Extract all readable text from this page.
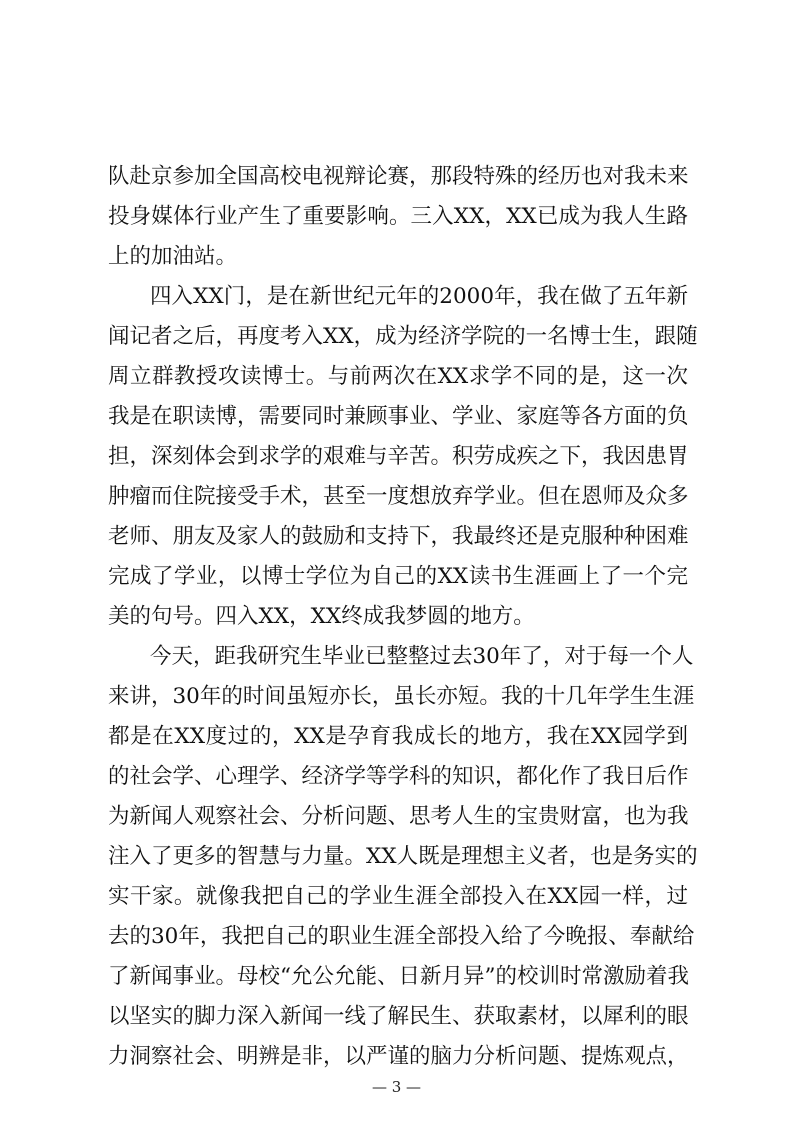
队赴京参加全国高校电视辩论赛，那段特殊的经历也对我未来
投身媒体行业产生了重要影响。三入XX，XX已成为我人生路
上的加油站。
四入XX门，是在新世纪元年的2000年，我在做了五年新
闻记者之后，再度考入XX，成为经济学院的一名博士生，跟随
周立群教授攻读博士。与前两次在XX求学不同的是，这一次
我是在职读博，需要同时兼顾事业、学业、家庭等各方面的负
担，深刻体会到求学的艰难与辛苦。积劳成疾之下，我因患胃
肿瘤而住院接受手术，甚至一度想放弃学业。但在恩师及众多
老师、朋友及家人的鼓励和支持下，我最终还是克服种种困难
完成了学业，以博士学位为自己的XX读书生涯画上了一个完
美的句号。四入XX，XX终成我梦圆的地方。
今天，距我研究生毕业已整整过去30年了，对于每一个人
来讲，30年的时间虽短亦长，虽长亦短。我的十几年学生生涯
都是在XX度过的，XX是孕育我成长的地方，我在XX园学到
的社会学、心理学、经济学等学科的知识，都化作了我日后作
为新闻人观察社会、分析问题、思考人生的宝贵财富，也为我
注入了更多的智慧与力量。XX人既是理想主义者，也是务实的
实干家。就像我把自己的学业生涯全部投入在XX园一样，过
去的30年，我把自己的职业生涯全部投入给了今晚报、奉献给
了新闻事业。母校“允公允能、日新月异”的校训时常激励着我
以坚实的脚力深入新闻一线了解民生、获取素材，以犀利的眼
力洞察社会、明辨是非，以严谨的脑力分析问题、提炼观点，
— 3 —
